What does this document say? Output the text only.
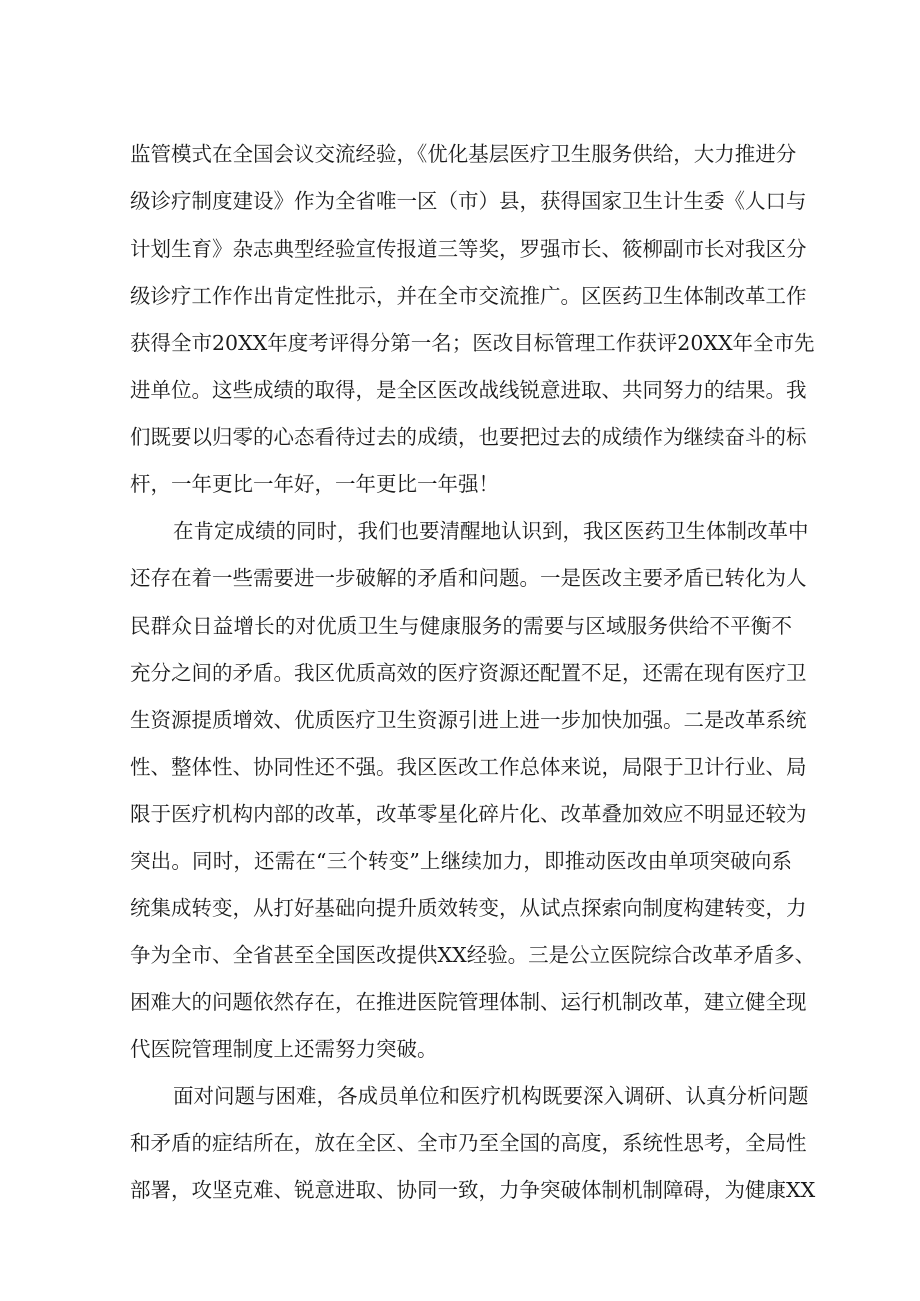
监管模式在全国会议交流经验，《优化基层医疗卫生服务供给，大力推进分

级诊疗制度建设》作为全省唯一区（市）县，获得国家卫生计生委《人口与

计划生育》杂志典型经验宣传报道三等奖，罗强市长、筱柳副市长对我区分

级诊疗工作作出肯定性批示，并在全市交流推广。区医药卫生体制改革工作

获得全市20XX年度考评得分第一名；医改目标管理工作获评20XX年全市先

进单位。这些成绩的取得，是全区医改战线锐意进取、共同努力的结果。我

们既要以归零的心态看待过去的成绩，也要把过去的成绩作为继续奋斗的标

杆，一年更比一年好，一年更比一年强！

在肯定成绩的同时，我们也要清醒地认识到，我区医药卫生体制改革中

还存在着一些需要进一步破解的矛盾和问题。一是医改主要矛盾已转化为人

民群众日益增长的对优质卫生与健康服务的需要与区域服务供给不平衡不

充分之间的矛盾。我区优质高效的医疗资源还配置不足，还需在现有医疗卫

生资源提质增效、优质医疗卫生资源引进上进一步加快加强。二是改革系统

性、整体性、协同性还不强。我区医改工作总体来说，局限于卫计行业、局

限于医疗机构内部的改革，改革零星化碎片化、改革叠加效应不明显还较为

突出。同时，还需在“三个转变”上继续加力，即推动医改由单项突破向系

统集成转变，从打好基础向提升质效转变，从试点探索向制度构建转变，力

争为全市、全省甚至全国医改提供XX经验。三是公立医院综合改革矛盾多、

困难大的问题依然存在，在推进医院管理体制、运行机制改革，建立健全现

代医院管理制度上还需努力突破。

面对问题与困难，各成员单位和医疗机构既要深入调研、认真分析问题

和矛盾的症结所在，放在全区、全市乃至全国的高度，系统性思考，全局性

部署，攻坚克难、锐意进取、协同一致，力争突破体制机制障碍，为健康XX
